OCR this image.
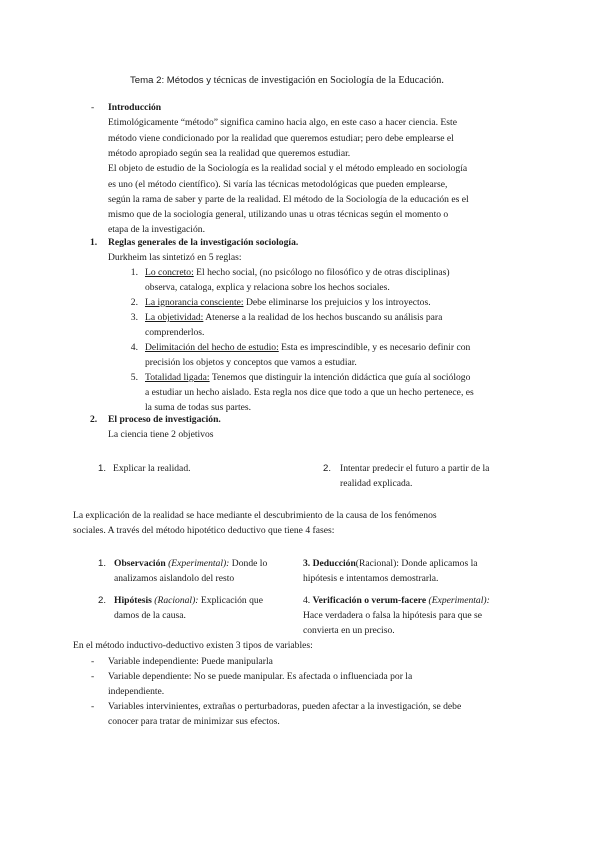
Tema 2: Métodos y técnicas de investigación en Sociología de la Educación.
- Introducción
Etimológicamente “método” significa camino hacia algo, en este caso a hacer ciencia. Este
método viene condicionado por la realidad que queremos estudiar; pero debe emplearse el
método apropiado según sea la realidad que queremos estudiar.
El objeto de estudio de la Sociología es la realidad social y el método empleado en sociología
es uno (el método científico). Si varía las técnicas metodológicas que pueden emplearse,
según la rama de saber y parte de la realidad. El método de la Sociología de la educación es el
mismo que de la sociología general, utilizando unas u otras técnicas según el momento o
etapa de la investigación.
1. Reglas generales de la investigación sociología.
Durkheim las sintetizó en 5 reglas:
1. Lo concreto: El hecho social, (no psicólogo no filosófico y de otras disciplinas)
observa, cataloga, explica y relaciona sobre los hechos sociales.
2. La ignorancia consciente: Debe eliminarse los prejuicios y los introyectos.
3. La objetividad: Atenerse a la realidad de los hechos buscando su análisis para
comprenderlos.
4. Delimitación del hecho de estudio: Esta es imprescindible, y es necesario definir con
precisión los objetos y conceptos que vamos a estudiar.
5. Totalidad ligada: Tenemos que distinguir la intención didáctica que guía al sociólogo
a estudiar un hecho aislado. Esta regla nos dice que todo a que un hecho pertenece, es
la suma de todas sus partes.
2. El proceso de investigación.
La ciencia tiene 2 objetivos
1. Explicar la realidad.	2. Intentar predecir el futuro a partir de la
realidad explicada.
La explicación de la realidad se hace mediante el descubrimiento de la causa de los fenómenos
sociales. A través del método hipotético deductivo que tiene 4 fases:
1. Observación (Experimental): Donde lo
analizamos aislandolo del resto
3. Deducción(Racional): Donde aplicamos la
hipótesis e intentamos demostrarla.
2. Hipótesis (Racional): Explicación que
damos de la causa.
4. Verificación o verum-facere (Experimental):
Hace verdadera o falsa la hipótesis para que se
convierta en un preciso.
En el método inductivo-deductivo existen 3 tipos de variables:
- Variable independiente: Puede manipularla
- Variable dependiente: No se puede manipular. Es afectada o influenciada por la
independiente.
- Variables intervinientes, extrañas o perturbadoras, pueden afectar a la investigación, se debe
conocer para tratar de minimizar sus efectos.
